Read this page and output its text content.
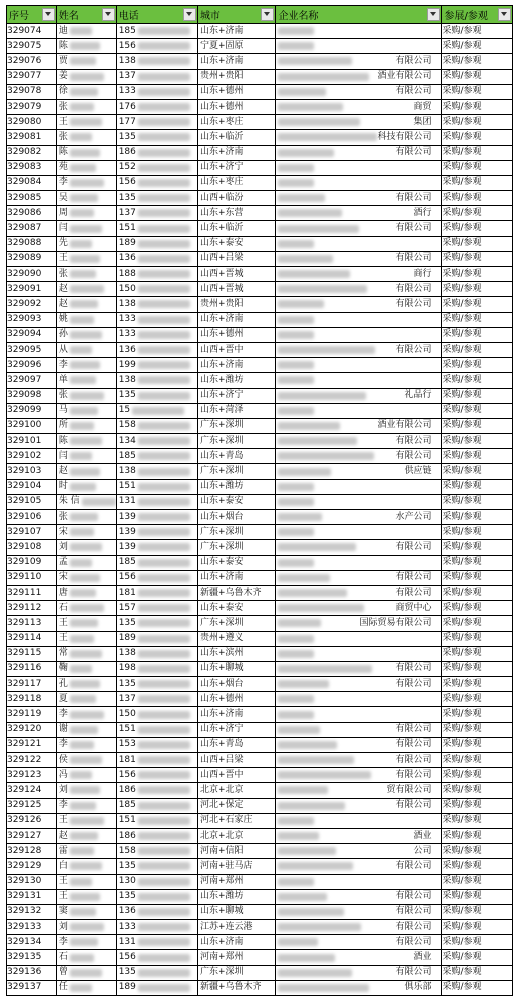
序号	姓名	电话	城市	企业名称	参展/参观

329074	迪	185	山东+济南		采购/参观
329075	陈	156	宁夏+固原		采购/参观
329076	贾	138	山东+济南	有限公司	采购/参观
329077	姜	137	贵州+贵阳	酒业有限公司	采购/参观
329078	徐	133	山东+德州	有限公司	采购/参观
329079	张	176	山东+德州	商贸	采购/参观
329080	王	177	山东+枣庄	集团	采购/参观
329081	张	135	山东+临沂	科技有限公司	采购/参观
329082	陈	186	山东+济南	有限公司	采购/参观
329083	苑	152	山东+济宁		采购/参观
329084	李	156	山东+枣庄		采购/参观
329085	吴	135	山西+临汾	有限公司	采购/参观
329086	周	137	山东+东营	酒行	采购/参观
329087	闫	151	山东+临沂	有限公司	采购/参观
329088	先	189	山东+泰安		采购/参观
329089	王	136	山西+吕梁	有限公司	采购/参观
329090	张	188	山西+晋城	商行	采购/参观
329091	赵	150	山西+晋城	有限公司	采购/参观
329092	赵	138	贵州+贵阳	有限公司	采购/参观
329093	姚	133	山东+济南		采购/参观
329094	孙	133	山东+德州		采购/参观
329095	从	136	山西+晋中	有限公司	采购/参观
329096	李	199	山东+济南		采购/参观
329097	单	138	山东+潍坊		采购/参观
329098	张	135	山东+济宁	礼品行	采购/参观
329099	马	15	山东+菏泽		采购/参观
329100	所	158	广东+深圳	酒业有限公司	采购/参观
329101	陈	134	广东+深圳	有限公司	采购/参观
329102	闫	185	山东+青岛	有限公司	采购/参观
329103	赵	138	广东+深圳	供应链	采购/参观
329104	时	151	山东+潍坊		采购/参观
329105	朱 信	131	山东+泰安		采购/参观
329106	张	139	山东+烟台	水产公司	采购/参观
329107	宋	139	广东+深圳		采购/参观
329108	刘	139	广东+深圳	有限公司	采购/参观
329109	孟	185	山东+泰安		采购/参观
329110	宋	156	山东+济南	有限公司	采购/参观
329111	唐	181	新疆+乌鲁木齐	有限公司	采购/参观
329112	石	157	山东+泰安	商贸中心	采购/参观
329113	王	135	广东+深圳	国际贸易有限公司	采购/参观
329114	王	189	贵州+遵义		采购/参观
329115	常	138	山东+滨州		采购/参观
329116	鞠	198	山东+聊城	有限公司	采购/参观
329117	孔	135	山东+烟台	有限公司	采购/参观
329118	夏	137	山东+德州		采购/参观
329119	李	150	山东+济南		采购/参观
329120	谢	151	山东+济宁	有限公司	采购/参观
329121	李	153	山东+青岛	有限公司	采购/参观
329122	侯	181	山西+吕梁	有限公司	采购/参观
329123	冯	156	山西+晋中	有限公司	采购/参观
329124	刘	186	北京+北京	贸有限公司	采购/参观
329125	李	185	河北+保定	有限公司	采购/参观
329126	王	151	河北+石家庄		采购/参观
329127	赵	186	北京+北京	酒业	采购/参观
329128	雷	158	河南+信阳	公司	采购/参观
329129	白	135	河南+驻马店	有限公司	采购/参观
329130	王	130	河南+郑州		采购/参观
329131	王	135	山东+潍坊	有限公司	采购/参观
329132	窦	136	山东+聊城	有限公司	采购/参观
329133	刘	133	江苏+连云港	有限公司	采购/参观
329134	李	131	山东+济南	有限公司	采购/参观
329135	石	156	河南+郑州	酒业	采购/参观
329136	曾	135	广东+深圳	有限公司	采购/参观
329137	任	189	新疆+乌鲁木齐	俱乐部	采购/参观
